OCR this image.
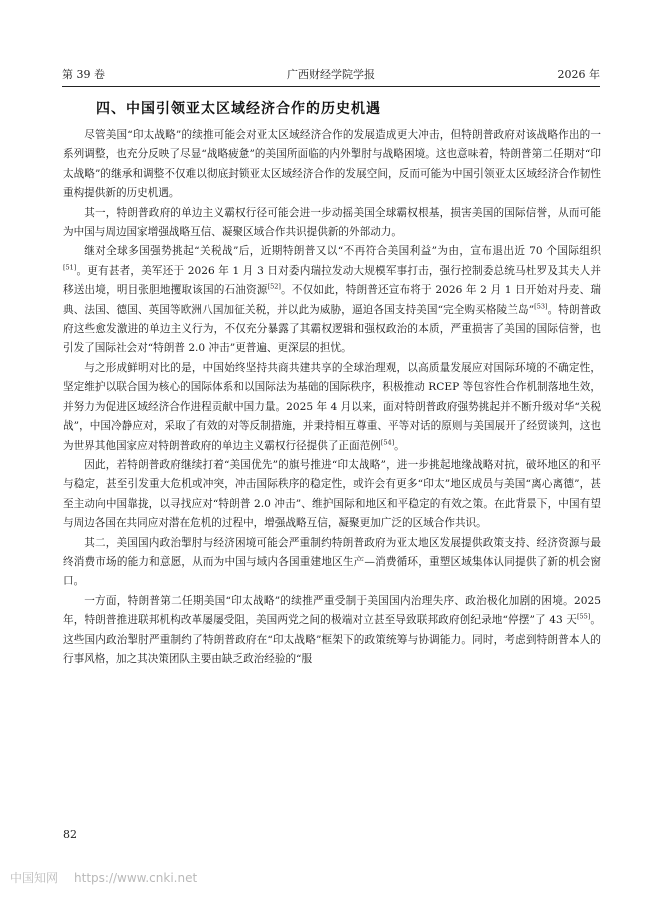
第 39 卷	广西财经学院学报	2026 年
四、中国引领亚太区域经济合作的历史机遇

尽管美国“印太战略”的续推可能会对亚太区域经济合作的发展造成更大冲击，但特朗普政府对该战略作出的一系列调整，也充分反映了尽显“战略疲惫”的美国所面临的内外掣肘与战略困境。这也意味着，特朗普第二任期对“印太战略”的继承和调整不仅难以彻底封锁亚太区域经济合作的发展空间，反而可能为中国引领亚太区域经济合作韧性重构提供新的历史机遇。

其一，特朗普政府的单边主义霸权行径可能会进一步动摇美国全球霸权根基，损害美国的国际信誉，从而可能为中国与周边国家增强战略互信、凝聚区域合作共识提供新的外部动力。

继对全球多国强势挑起“关税战”后，近期特朗普又以“不再符合美国利益”为由，宣布退出近 70 个国际组织[51]。更有甚者，美军还于 2026 年 1 月 3 日对委内瑞拉发动大规模军事打击，强行控制委总统马杜罗及其夫人并移送出境，明目张胆地攫取该国的石油资源[52]。不仅如此，特朗普还宣布将于 2026 年 2 月 1 日开始对丹麦、瑞典、法国、德国、英国等欧洲八国加征关税，并以此为威胁，逼迫各国支持美国“完全购买格陵兰岛”[53]。特朗普政府这些愈发激进的单边主义行为，不仅充分暴露了其霸权逻辑和强权政治的本质，严重损害了美国的国际信誉，也引发了国际社会对“特朗普 2.0 冲击”更普遍、更深层的担忧。

与之形成鲜明对比的是，中国始终坚持共商共建共享的全球治理观，以高质量发展应对国际环境的不确定性，坚定维护以联合国为核心的国际体系和以国际法为基础的国际秩序，积极推动 RCEP 等包容性合作机制落地生效，并努力为促进区域经济合作进程贡献中国力量。2025 年 4 月以来，面对特朗普政府强势挑起并不断升级对华“关税战”，中国冷静应对，采取了有效的对等反制措施，并秉持相互尊重、平等对话的原则与美国展开了经贸谈判，这也为世界其他国家应对特朗普政府的单边主义霸权行径提供了正面范例[54]。

因此，若特朗普政府继续打着“美国优先”的旗号推进“印太战略”，进一步挑起地缘战略对抗，破坏地区的和平与稳定，甚至引发重大危机或冲突，冲击国际秩序的稳定性，或许会有更多“印太”地区成员与美国“离心离德”，甚至主动向中国靠拢，以寻找应对“特朗普 2.0 冲击”、维护国际和地区和平稳定的有效之策。在此背景下，中国有望与周边各国在共同应对潜在危机的过程中，增强战略互信，凝聚更加广泛的区域合作共识。

其二，美国国内政治掣肘与经济困境可能会严重制约特朗普政府为亚太地区发展提供政策支持、经济资源与最终消费市场的能力和意愿，从而为中国与域内各国重建地区生产—消费循环，重塑区域集体认同提供了新的机会窗口。

一方面，特朗普第二任期美国“印太战略”的续推严重受制于美国国内治理失序、政治极化加剧的困境。2025 年，特朗普推进联邦机构改革屡屡受阻，美国两党之间的极端对立甚至导致联邦政府创纪录地“停摆”了 43 天[55]。这些国内政治掣肘严重制约了特朗普政府在“印太战略”框架下的政策统筹与协调能力。同时，考虑到特朗普本人的行事风格，加之其决策团队主要由缺乏政治经验的“服

82
中国知网 https://www.cnki.net
